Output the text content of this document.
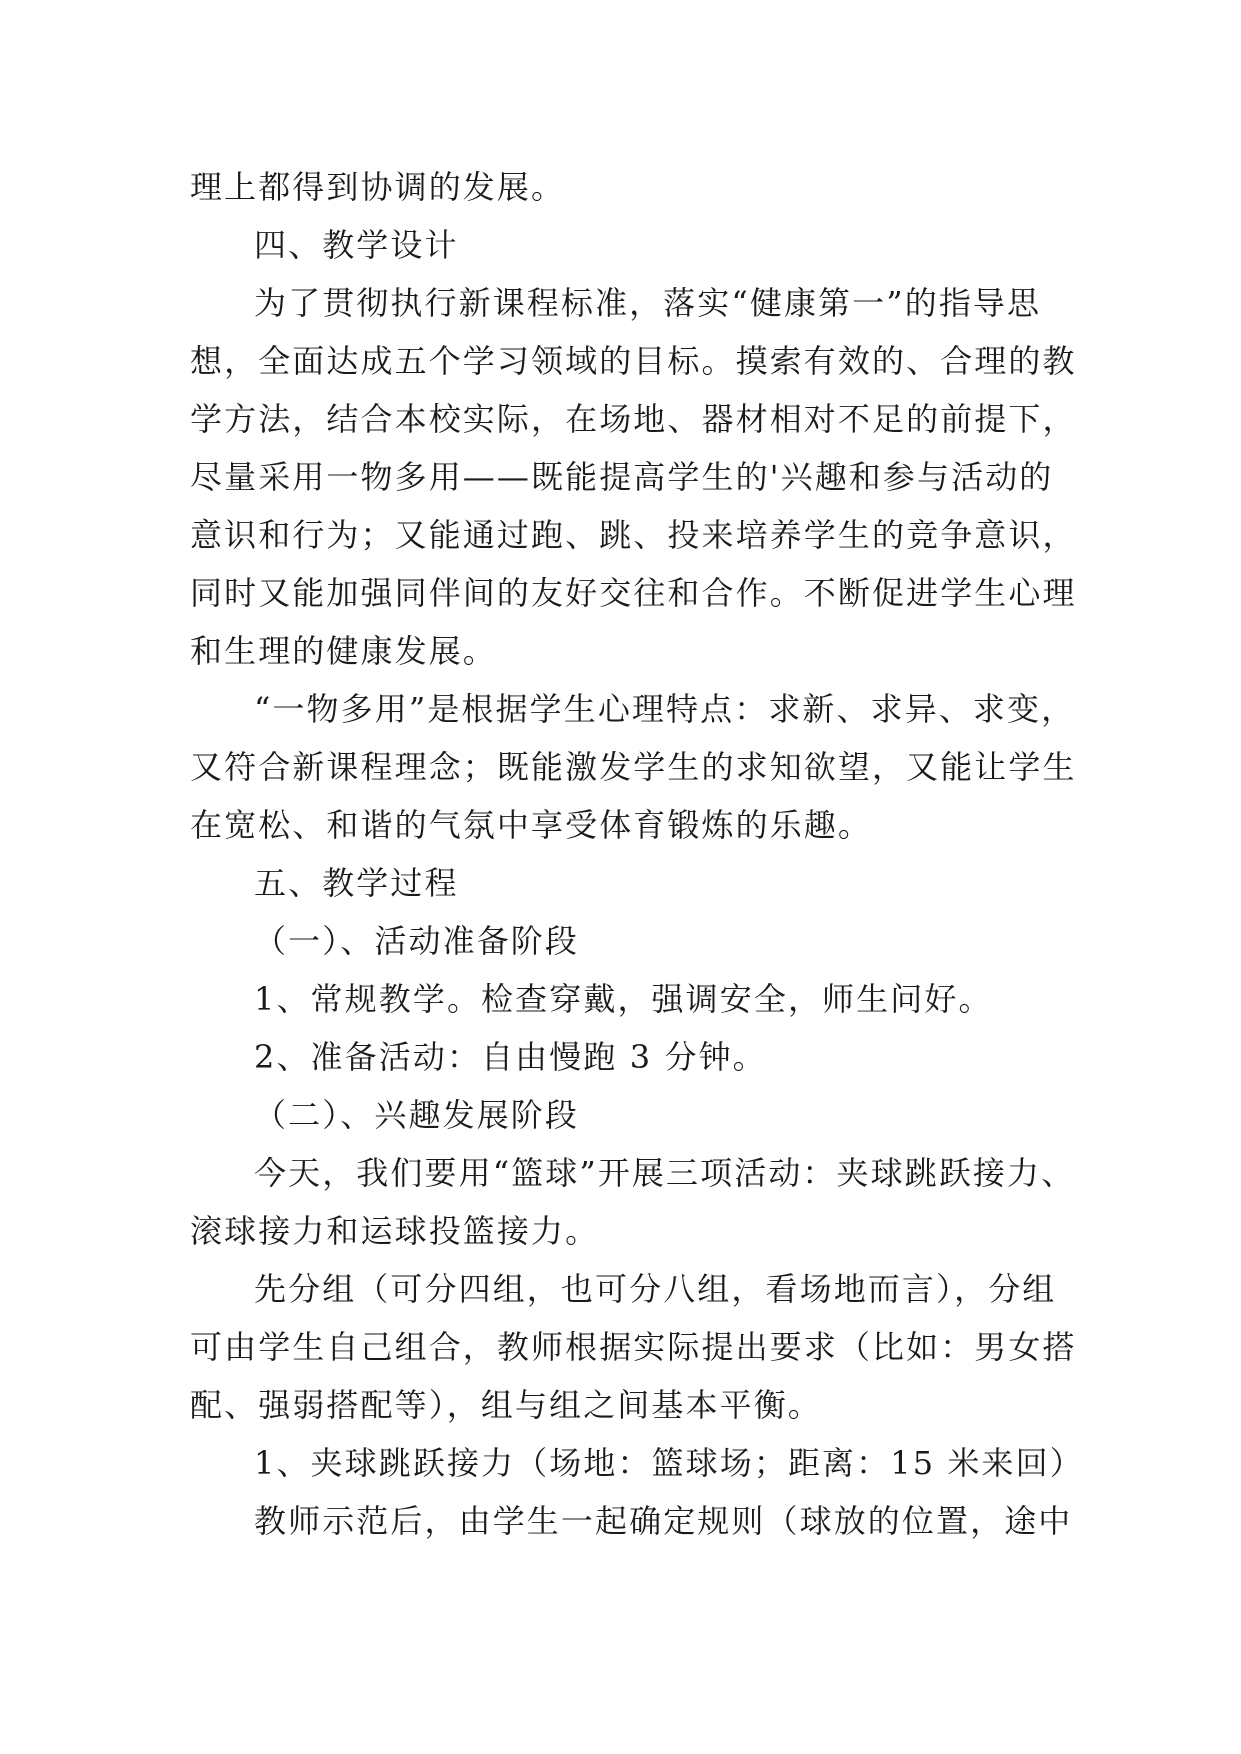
理上都得到协调的发展。
四、教学设计
为了贯彻执行新课程标准，落实“健康第一”的指导思
想，全面达成五个学习领域的目标。摸索有效的、合理的教
学方法，结合本校实际，在场地、器材相对不足的前提下，
尽量采用一物多用——既能提高学生的'兴趣和参与活动的
意识和行为；又能通过跑、跳、投来培养学生的竞争意识，
同时又能加强同伴间的友好交往和合作。不断促进学生心理
和生理的健康发展。
“一物多用”是根据学生心理特点：求新、求异、求变，
又符合新课程理念；既能激发学生的求知欲望，又能让学生
在宽松、和谐的气氛中享受体育锻炼的乐趣。
五、教学过程
（一）、活动准备阶段
1、常规教学。检查穿戴，强调安全，师生问好。
2、准备活动：自由慢跑 3 分钟。
（二）、兴趣发展阶段
今天，我们要用“篮球”开展三项活动：夹球跳跃接力、
滚球接力和运球投篮接力。
先分组（可分四组，也可分八组，看场地而言），分组
可由学生自己组合，教师根据实际提出要求（比如：男女搭
配、强弱搭配等），组与组之间基本平衡。
1、夹球跳跃接力（场地：篮球场；距离：15 米来回）
教师示范后，由学生一起确定规则（球放的位置，途中
